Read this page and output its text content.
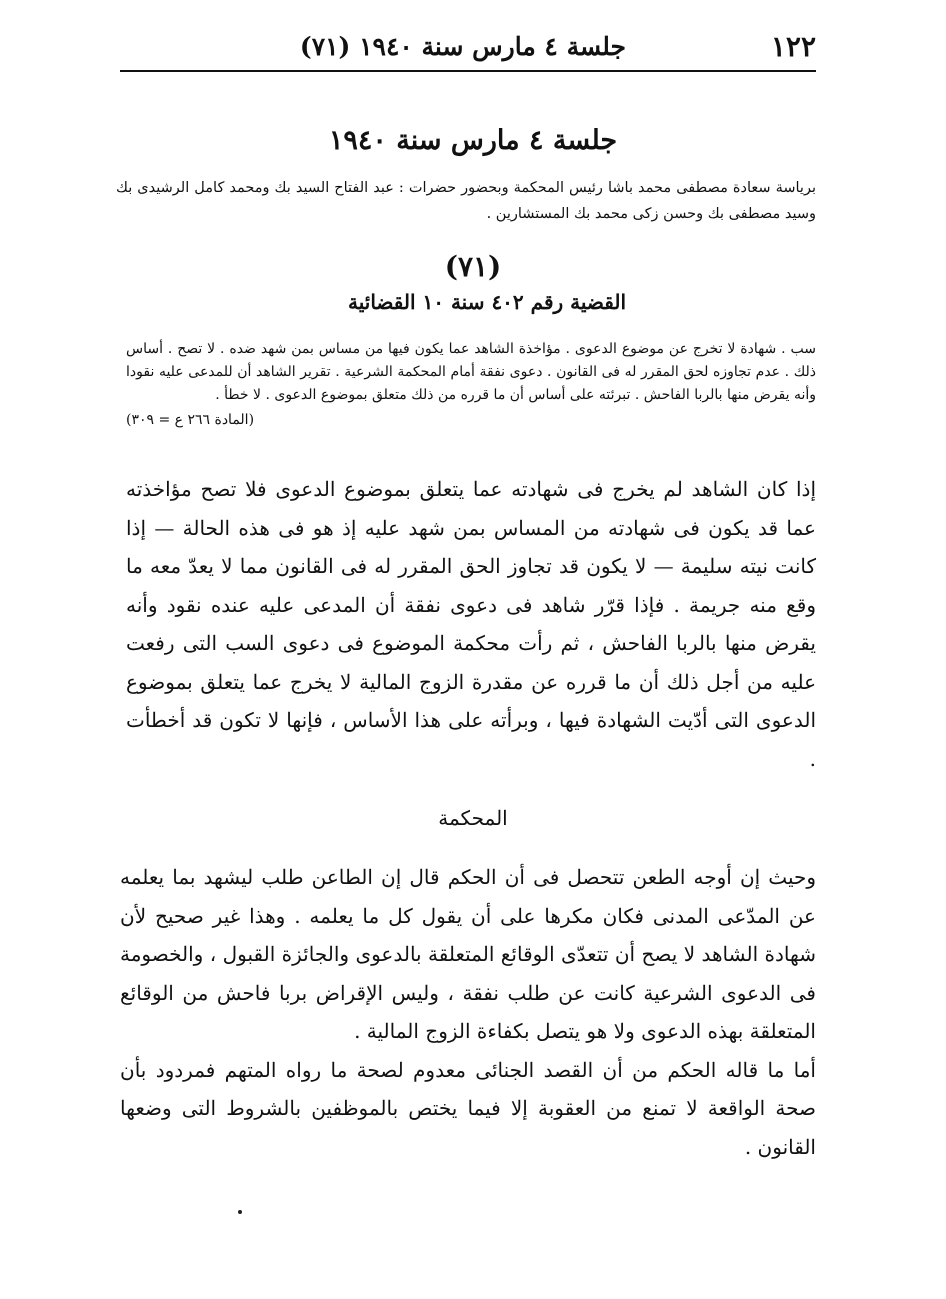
١٢٢
جلسة ٤ مارس سنة ١٩٤٠ (٧١)
جلسة ٤ مارس سنة ١٩٤٠
برياسة سعادة مصطفى محمد باشا رئيس المحكمة وبحضور حضرات : عبد الفتاح السيد بك ومحمد كامل الرشيدى بك وسيد مصطفى بك وحسن زكى محمد بك المستشارين .
(٧١)
القضية رقم ٤٠٢ سنة ١٠ القضائية
سب . شهادة لا تخرج عن موضوع الدعوى . مؤاخذة الشاهد عما يكون فيها من مساس بمن شهد ضده . لا تصح . أساس ذلك . عدم تجاوزه لحق المقرر له فى القانون . دعوى نفقة أمام المحكمة الشرعية . تقرير الشاهد أن للمدعى عليه نقودا وأنه يقرض منها بالربا الفاحش . تبرئته على أساس أن ما قرره من ذلك متعلق بموضوع الدعوى . لا خطأ .
(المادة ٢٦٦ ع = ٣٠٩)

إذا كان الشاهد لم يخرج فى شهادته عما يتعلق بموضوع الدعوى فلا تصح مؤاخذته عما قد يكون فى شهادته من المساس بمن شهد عليه إذ هو فى هذه الحالة — إذا كانت نيته سليمة — لا يكون قد تجاوز الحق المقرر له فى القانون مما لا يعدّ معه ما وقع منه جريمة . فإذا قرّر شاهد فى دعوى نفقة أن المدعى عليه عنده نقود وأنه يقرض منها بالربا الفاحش ، ثم رأت محكمة الموضوع فى دعوى السب التى رفعت عليه من أجل ذلك أن ما قرره عن مقدرة الزوج المالية لا يخرج عما يتعلق بموضوع الدعوى التى أدّيت الشهادة فيها ، وبرأته على هذا الأساس ، فإنها لا تكون قد أخطأت .

المحكمة

وحيث إن أوجه الطعن تتحصل فى أن الحكم قال إن الطاعن طلب ليشهد بما يعلمه عن المدّعى المدنى فكان مكرها على أن يقول كل ما يعلمه . وهذا غير صحيح لأن شهادة الشاهد لا يصح أن تتعدّى الوقائع المتعلقة بالدعوى والجائزة القبول ، والخصومة فى الدعوى الشرعية كانت عن طلب نفقة ، وليس الإقراض بربا فاحش من الوقائع المتعلقة بهذه الدعوى ولا هو يتصل بكفاءة الزوج المالية .

أما ما قاله الحكم من أن القصد الجنائى معدوم لصحة ما رواه المتهم فمردود بأن صحة الواقعة لا تمنع من العقوبة إلا فيما يختص بالموظفين بالشروط التى وضعها القانون .
